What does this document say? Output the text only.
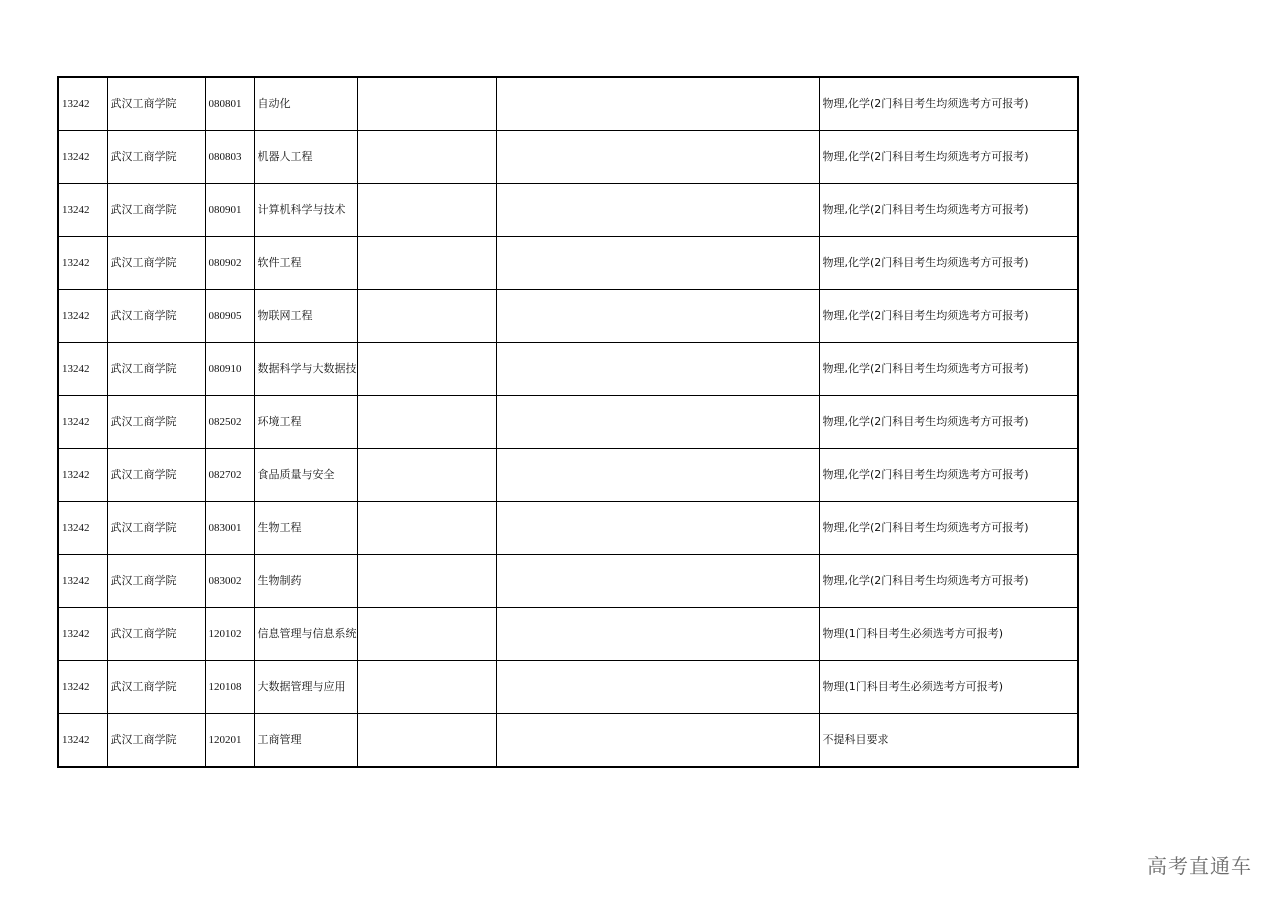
13242	武汉工商学院	080801	自动化			物理,化学(2门科目考生均须选考方可报考)
13242	武汉工商学院	080803	机器人工程			物理,化学(2门科目考生均须选考方可报考)
13242	武汉工商学院	080901	计算机科学与技术			物理,化学(2门科目考生均须选考方可报考)
13242	武汉工商学院	080902	软件工程			物理,化学(2门科目考生均须选考方可报考)
13242	武汉工商学院	080905	物联网工程			物理,化学(2门科目考生均须选考方可报考)
13242	武汉工商学院	080910	数据科学与大数据技			物理,化学(2门科目考生均须选考方可报考)
13242	武汉工商学院	082502	环境工程			物理,化学(2门科目考生均须选考方可报考)
13242	武汉工商学院	082702	食品质量与安全			物理,化学(2门科目考生均须选考方可报考)
13242	武汉工商学院	083001	生物工程			物理,化学(2门科目考生均须选考方可报考)
13242	武汉工商学院	083002	生物制药			物理,化学(2门科目考生均须选考方可报考)
13242	武汉工商学院	120102	信息管理与信息系统			物理(1门科目考生必须选考方可报考)
13242	武汉工商学院	120108	大数据管理与应用			物理(1门科目考生必须选考方可报考)
13242	武汉工商学院	120201	工商管理			不提科目要求
高考直通车
